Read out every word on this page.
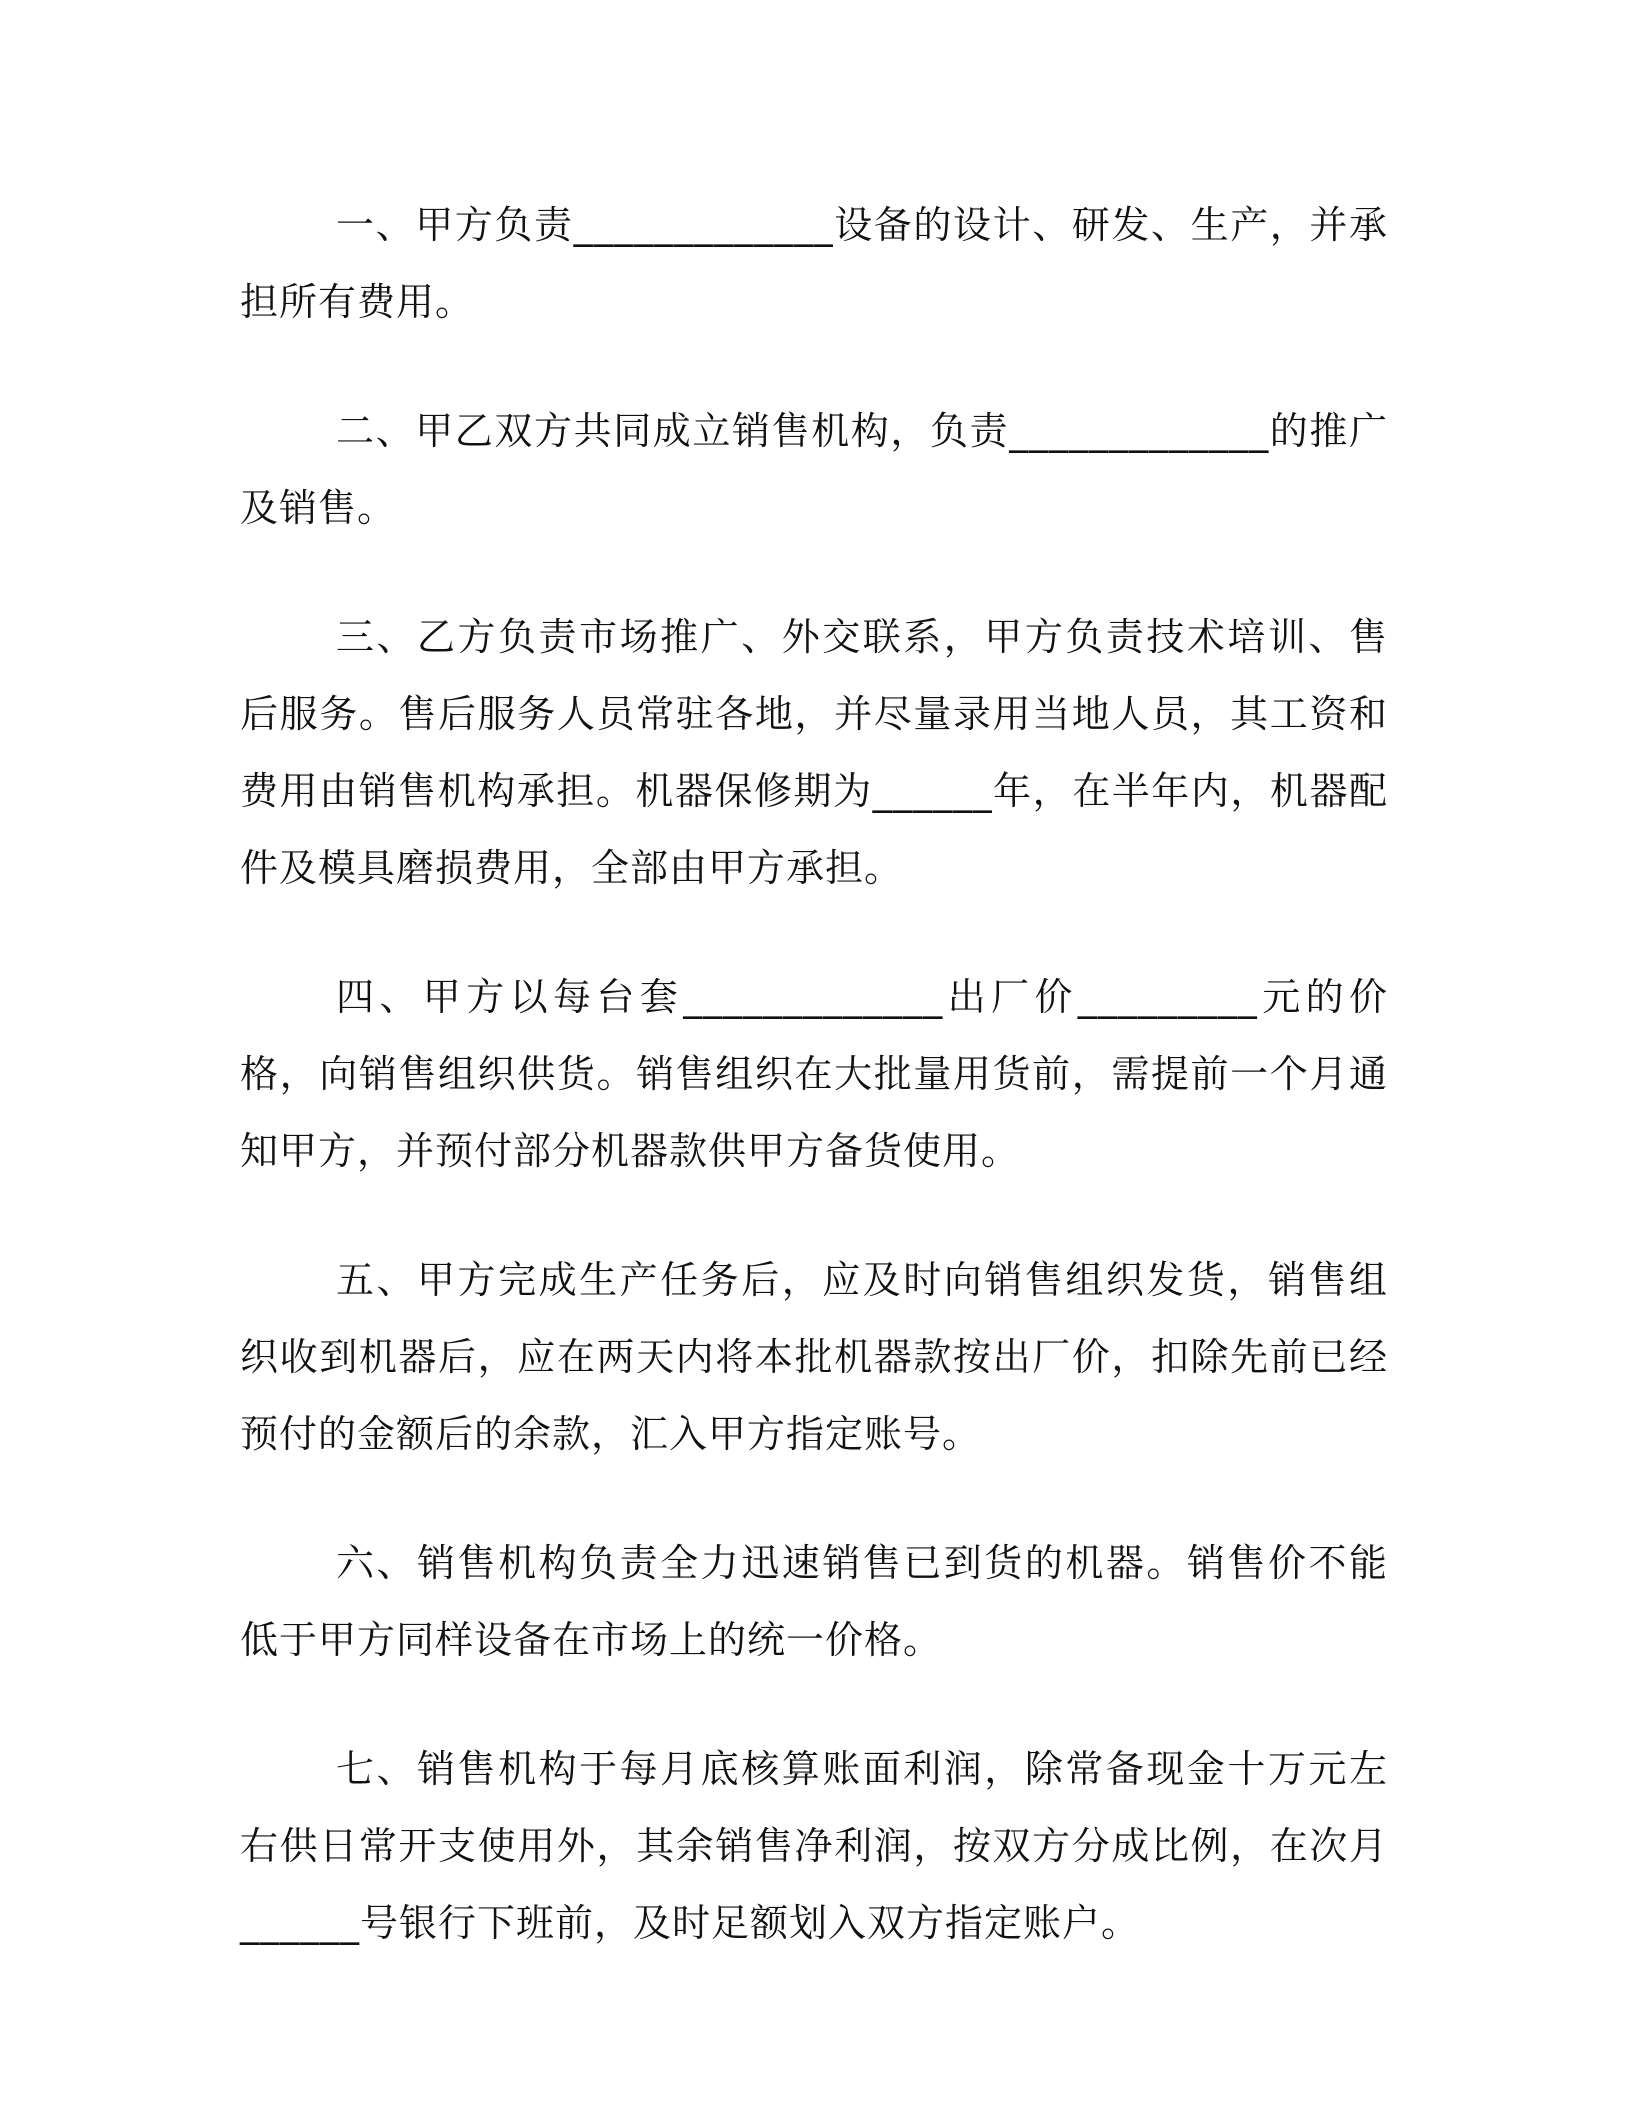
一、甲方负责_____________设备的设计、研发、生产，并承担所有费用。

二、甲乙双方共同成立销售机构，负责_____________的推广及销售。

三、乙方负责市场推广、外交联系，甲方负责技术培训、售后服务。售后服务人员常驻各地，并尽量录用当地人员，其工资和费用由销售机构承担。机器保修期为______年，在半年内，机器配件及模具磨损费用，全部由甲方承担。

四、甲方以每台套_____________出厂价_________元的价格，向销售组织供货。销售组织在大批量用货前，需提前一个月通知甲方，并预付部分机器款供甲方备货使用。

五、甲方完成生产任务后，应及时向销售组织发货，销售组织收到机器后，应在两天内将本批机器款按出厂价，扣除先前已经预付的金额后的余款，汇入甲方指定账号。

六、销售机构负责全力迅速销售已到货的机器。销售价不能低于甲方同样设备在市场上的统一价格。

七、销售机构于每月底核算账面利润，除常备现金十万元左右供日常开支使用外，其余销售净利润，按双方分成比例，在次月______号银行下班前，及时足额划入双方指定账户。
